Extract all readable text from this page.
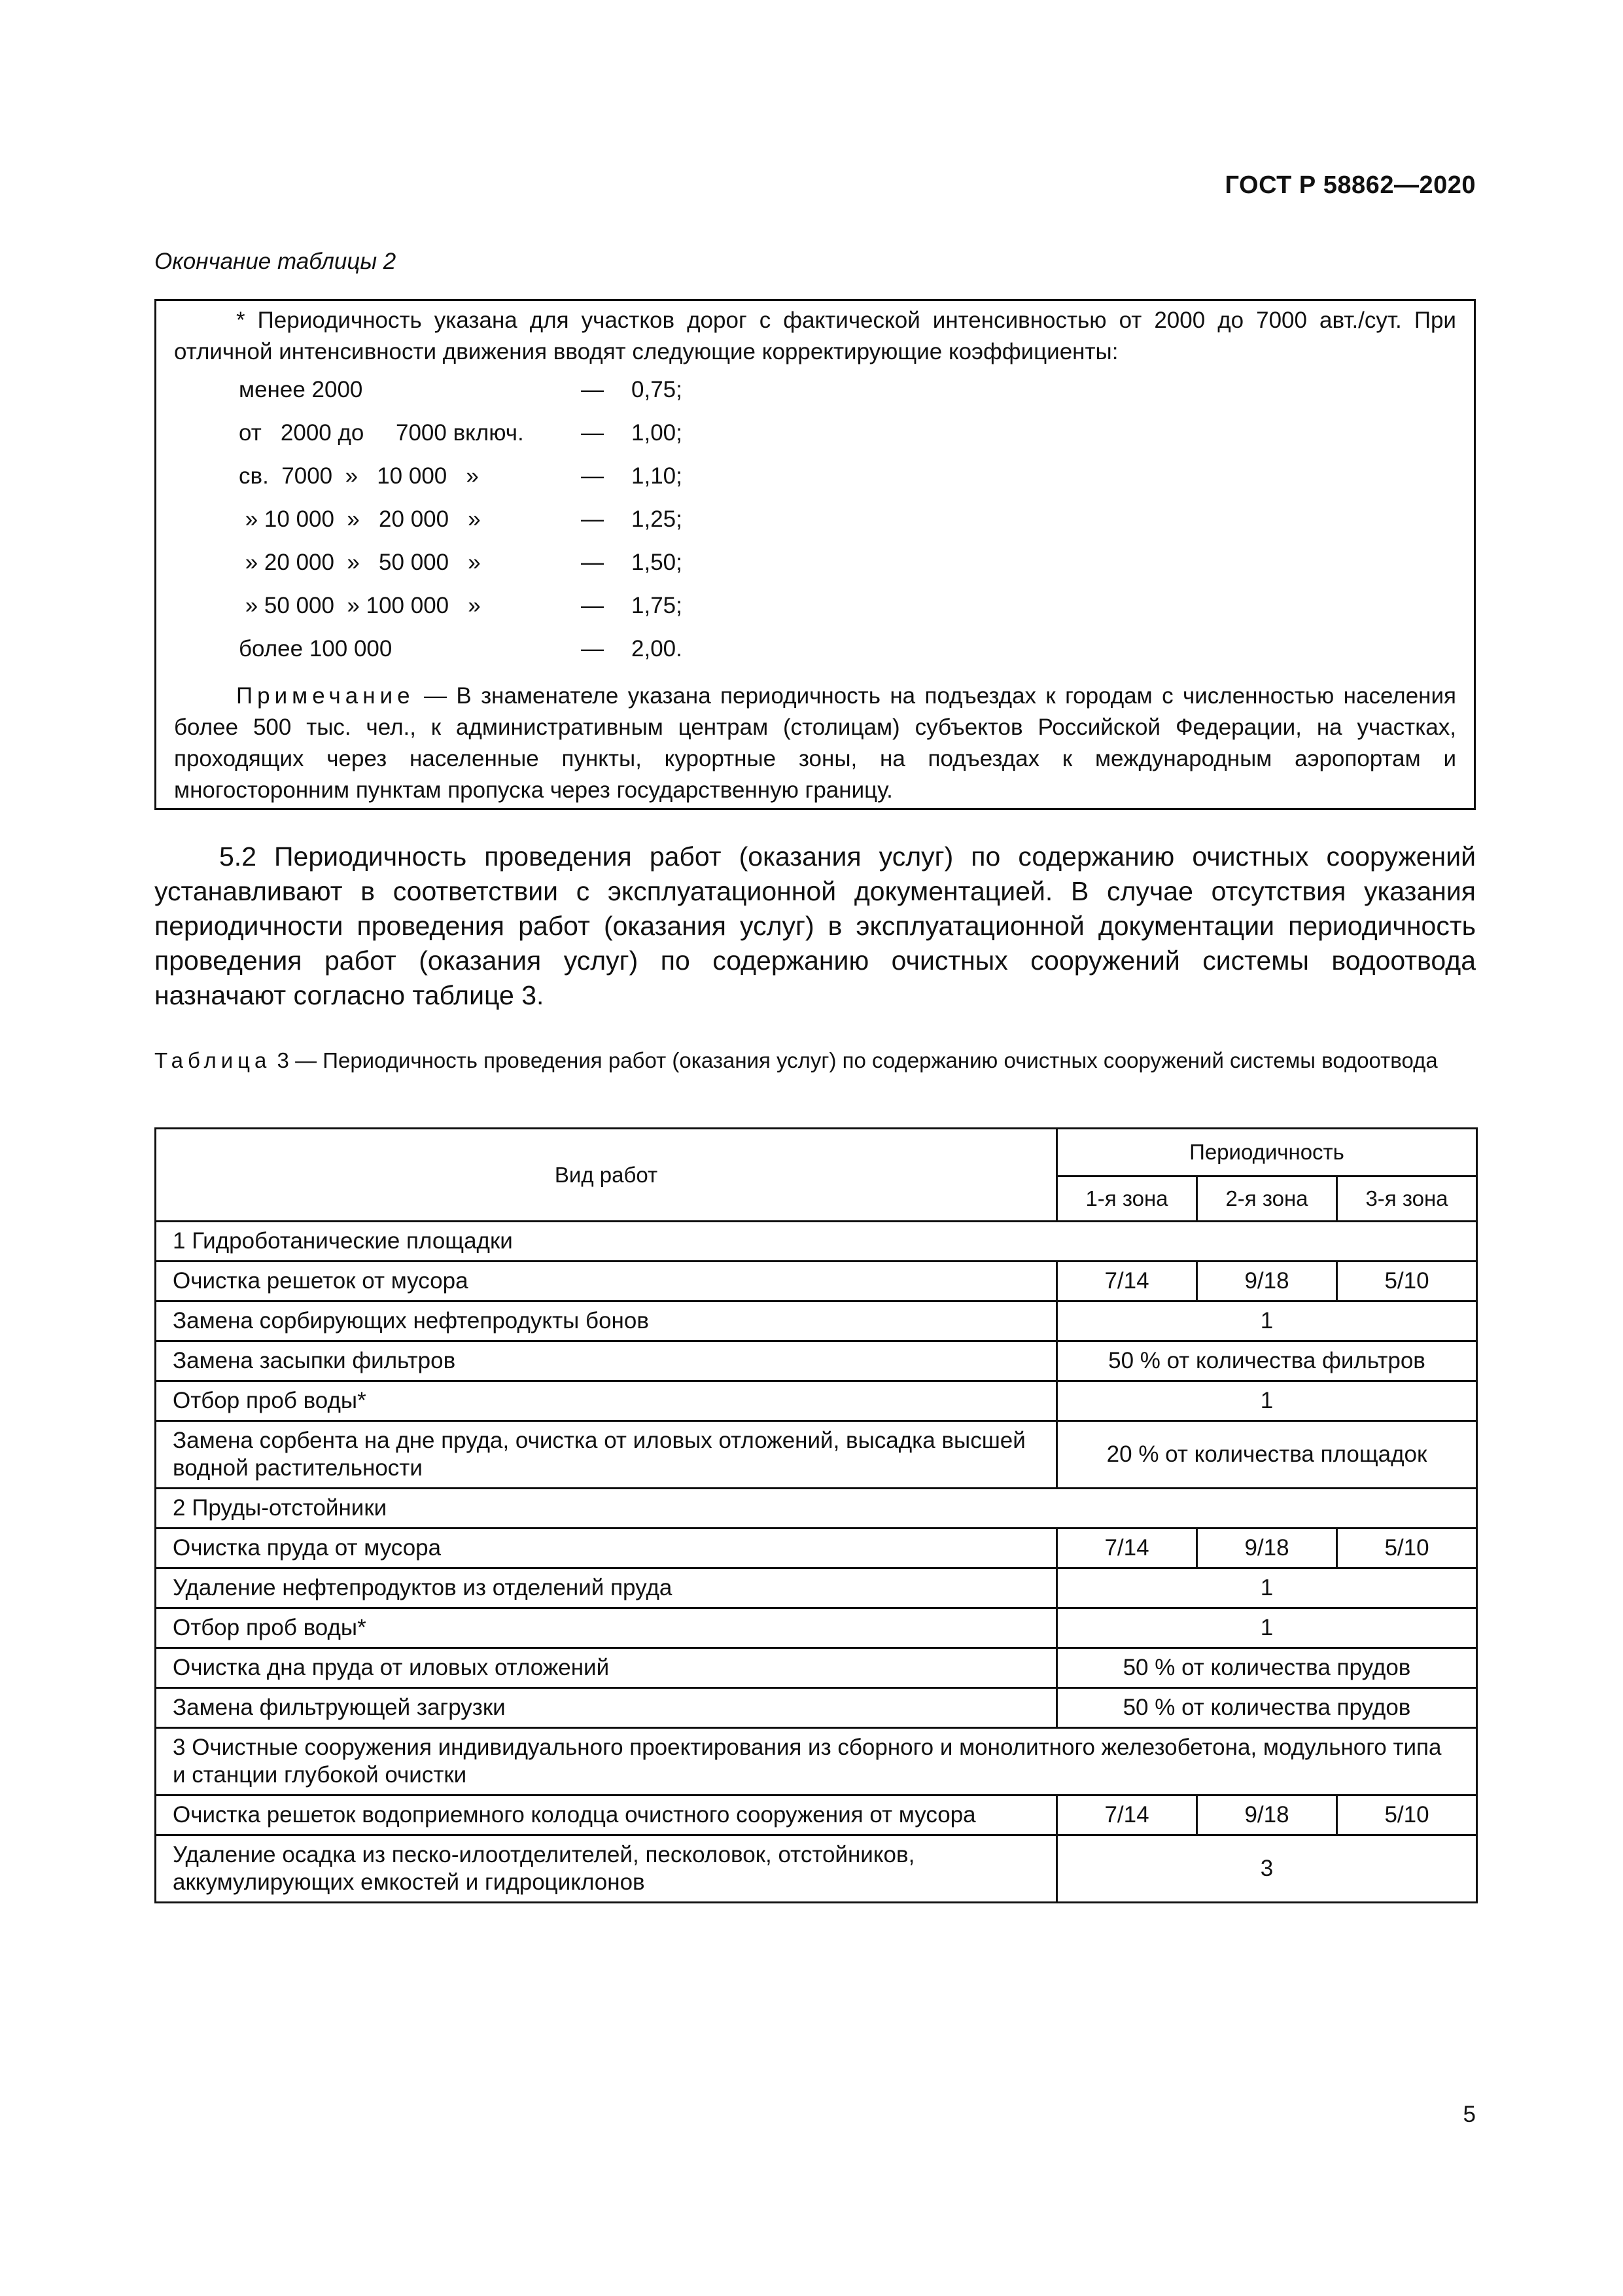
ГОСТ Р 58862—2020
Окончание таблицы 2
* Периодичность указана для участков дорог с фактической интенсивностью от 2000 до 7000 авт./сут. При отличной интенсивности движения вводят следующие корректирующие коэффициенты:
менее 2000	— 0,75;
от   2000 до     7000 включ. — 1,00;
св.  7000  »   10 000   »	— 1,10;
» 10 000  »   20 000   »	— 1,25;
» 20 000  »   50 000   »	— 1,50;
» 50 000  » 100 000   »	— 1,75;
более 100 000	— 2,00.
Примечание — В знаменателе указана периодичность на подъездах к городам с численностью населения более 500 тыс. чел., к административным центрам (столицам) субъектов Российской Федерации, на участках, проходящих через населенные пункты, курортные зоны, на подъездах к международным аэропортам и многосторонним пунктам пропуска через государственную границу.
5.2 Периодичность проведения работ (оказания услуг) по содержанию очистных сооружений устанавливают в соответствии с эксплуатационной документацией. В случае отсутствия указания периодичности проведения работ (оказания услуг) в эксплуатационной документации периодичность проведения работ (оказания услуг) по содержанию очистных сооружений системы водоотвода назначают согласно таблице 3.
Таблица 3 — Периодичность проведения работ (оказания услуг) по содержанию очистных сооружений системы водоотвода
Вид работ	Периодичность		
	1-я зона	2-я зона	3-я зона
1 Гидроботанические площадки			
Очистка решеток от мусора	7/14	9/18	5/10
Замена сорбирующих нефтепродукты бонов	1		
Замена засыпки фильтров	50 % от количества фильтров		
Отбор проб воды*	1		
Замена сорбента на дне пруда, очистка от иловых отложений, высадка высшей водной растительности	20 % от количества площадок		
2 Пруды-отстойники			
Очистка пруда от мусора	7/14	9/18	5/10
Удаление нефтепродуктов из отделений пруда	1		
Отбор проб воды*	1		
Очистка дна пруда от иловых отложений	50 % от количества прудов		
Замена фильтрующей загрузки	50 % от количества прудов		
3 Очистные сооружения индивидуального проектирования из сборного и монолитного железобетона, модульного типа и станции глубокой очистки			
Очистка решеток водоприемного колодца очистного сооружения от мусора	7/14	9/18	5/10
Удаление осадка из песко-илоотделителей, песколовок, отстойников, аккумулирующих емкостей и гидроциклонов	3		
5
